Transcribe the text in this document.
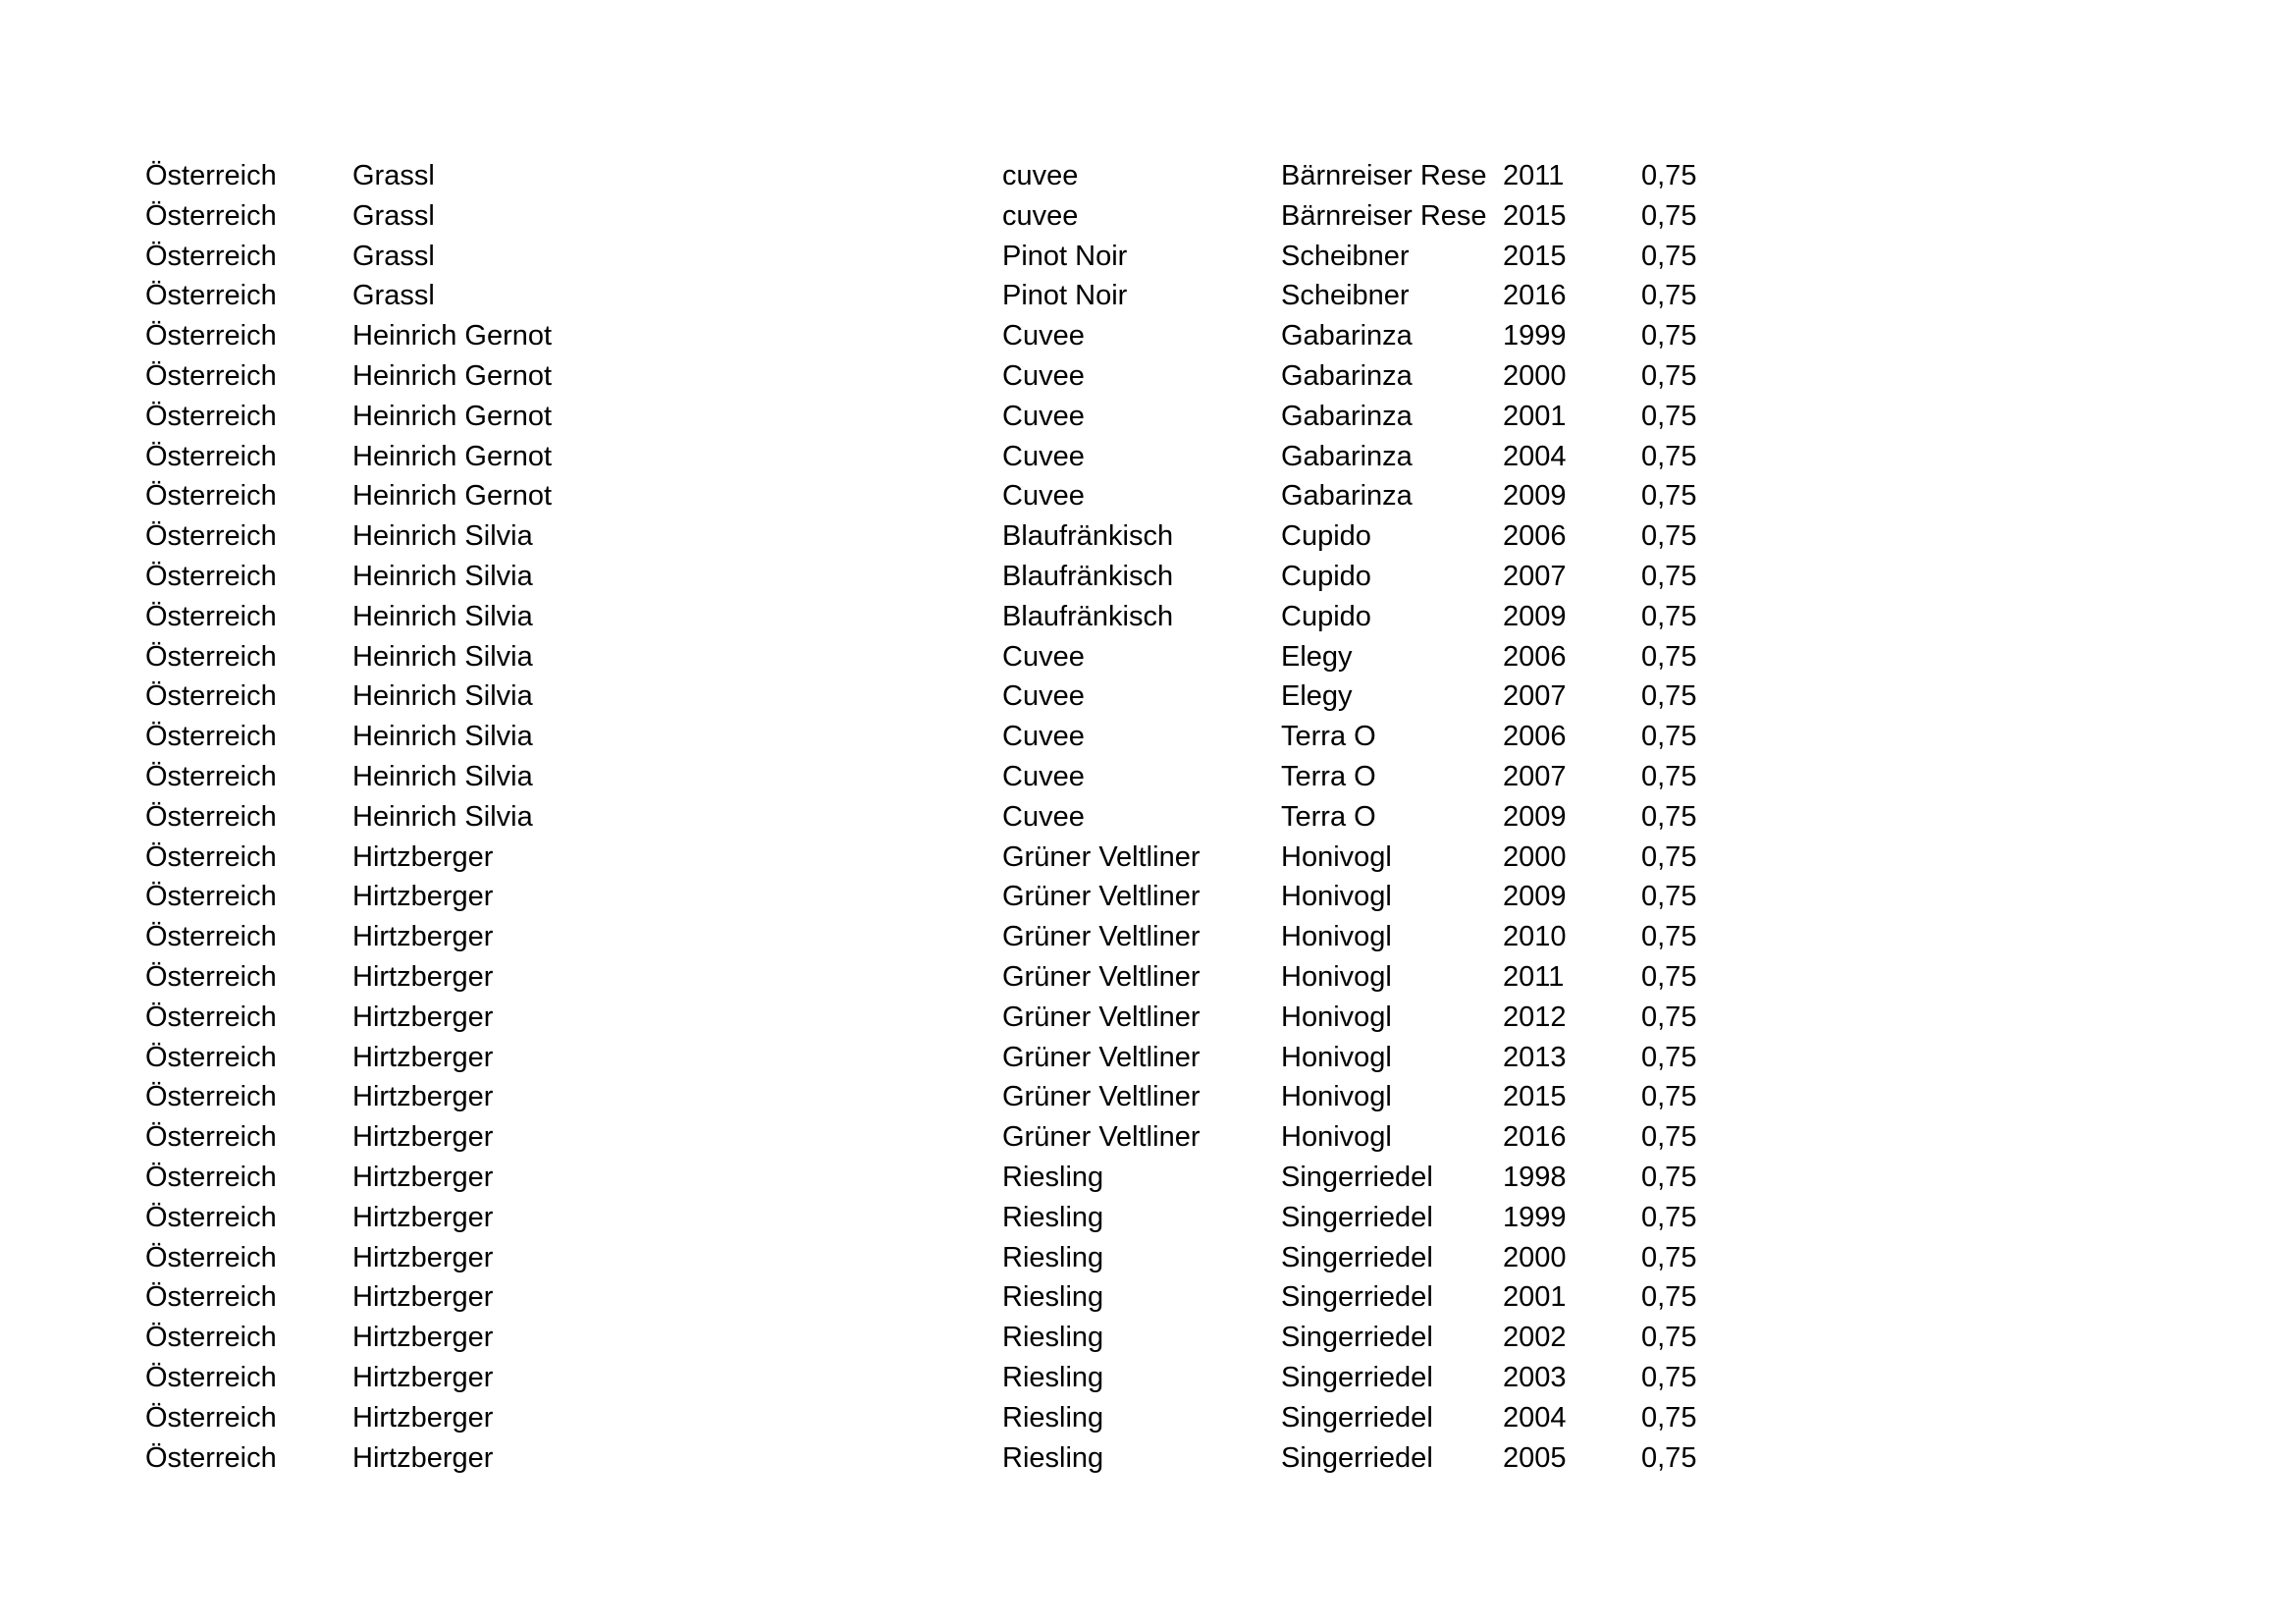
Österreich	Grassl	cuvee	Bärnreiser Rese 2011	0,75
Österreich	Grassl	cuvee	Bärnreiser Rese 2015	0,75
Österreich	Grassl	Pinot Noir	Scheibner	2015	0,75
Österreich	Grassl	Pinot Noir	Scheibner	2016	0,75
Österreich	Heinrich Gernot	Cuvee	Gabarinza	1999	0,75
Österreich	Heinrich Gernot	Cuvee	Gabarinza	2000	0,75
Österreich	Heinrich Gernot	Cuvee	Gabarinza	2001	0,75
Österreich	Heinrich Gernot	Cuvee	Gabarinza	2004	0,75
Österreich	Heinrich Gernot	Cuvee	Gabarinza	2009	0,75
Österreich	Heinrich Silvia	Blaufränkisch	Cupido	2006	0,75
Österreich	Heinrich Silvia	Blaufränkisch	Cupido	2007	0,75
Österreich	Heinrich Silvia	Blaufränkisch	Cupido	2009	0,75
Österreich	Heinrich Silvia	Cuvee	Elegy	2006	0,75
Österreich	Heinrich Silvia	Cuvee	Elegy	2007	0,75
Österreich	Heinrich Silvia	Cuvee	Terra O	2006	0,75
Österreich	Heinrich Silvia	Cuvee	Terra O	2007	0,75
Österreich	Heinrich Silvia	Cuvee	Terra O	2009	0,75
Österreich	Hirtzberger	Grüner Veltliner	Honivogl	2000	0,75
Österreich	Hirtzberger	Grüner Veltliner	Honivogl	2009	0,75
Österreich	Hirtzberger	Grüner Veltliner	Honivogl	2010	0,75
Österreich	Hirtzberger	Grüner Veltliner	Honivogl	2011	0,75
Österreich	Hirtzberger	Grüner Veltliner	Honivogl	2012	0,75
Österreich	Hirtzberger	Grüner Veltliner	Honivogl	2013	0,75
Österreich	Hirtzberger	Grüner Veltliner	Honivogl	2015	0,75
Österreich	Hirtzberger	Grüner Veltliner	Honivogl	2016	0,75
Österreich	Hirtzberger	Riesling	Singerriedel	1998	0,75
Österreich	Hirtzberger	Riesling	Singerriedel	1999	0,75
Österreich	Hirtzberger	Riesling	Singerriedel	2000	0,75
Österreich	Hirtzberger	Riesling	Singerriedel	2001	0,75
Österreich	Hirtzberger	Riesling	Singerriedel	2002	0,75
Österreich	Hirtzberger	Riesling	Singerriedel	2003	0,75
Österreich	Hirtzberger	Riesling	Singerriedel	2004	0,75
Österreich	Hirtzberger	Riesling	Singerriedel	2005	0,75
